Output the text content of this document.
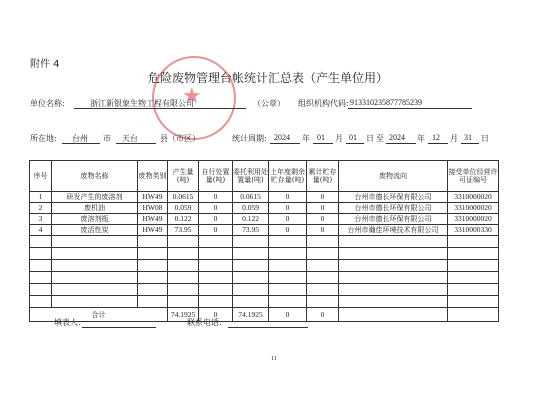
附件 4
危险废物管理台帐统计汇总表（产生单位用）
★
单位名称:	浙江新银象生物工程有限公司	（公章） 组织机构代码: 913310235877785239
所在地: 台州 市 天台	县（市区）	统计周期: 2024 年 01 月 01 日 至 2024 年 12 月 31 日
序号	废物名称	废物类别	产生量(吨)	自行处置量(吨)	委托利用处置量(吨)	上年度剩余贮存量(吨)	累计贮存量(吨)	废物流向	接受单位经营许可证编号
1	研发产生的废溶剂	HW49	0.0615	0	0.0615	0	0	台州市德长环保有限公司	3310000020
2	废机油	HW08	0.059	0	0.059	0	0	台州市德长环保有限公司	3310000020
3	废溶剂瓶	HW49	0.122	0	0.122	0	0	台州市德长环保有限公司	3310000020
4	废活性炭	HW49	73.95	0	73.95	0	0	台州市瀚佳环境技术有限公司	3310000330

合计			74.1925	0	74.1925	0	0		
填表人:	联系电话:
11
